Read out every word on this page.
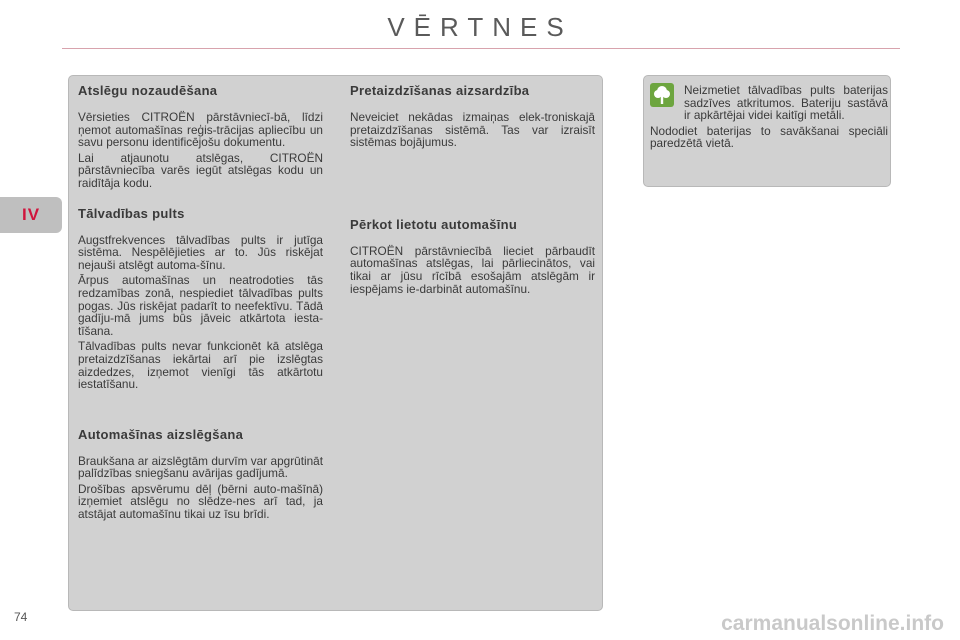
VĒRTNES
IV
Atslēgu nozaudēšana

Vērsieties CITROËN pārstāvniecī-bā, līdzi ņemot automašīnas reģis-trācijas apliecību un savu personu identificējošu dokumentu.

Lai atjaunotu atslēgas, CITROËN pārstāvniecība varēs iegūt atslēgas kodu un raidītāja kodu.

Tālvadības pults

Augstfrekvences tālvadības pults ir jutīga sistēma. Nespēlējieties ar to. Jūs riskējat nejauši atslēgt automa-šīnu.

Ārpus automašīnas un neatrodoties tās redzamības zonā, nespiediet tālvadības pults pogas. Jūs riskējat padarīt to neefektīvu. Tādā gadīju-mā jums būs jāveic atkārtota iesta-tīšana.

Tālvadības pults nevar funkcionēt kā atslēga pretaizdzīšanas iekārtai arī pie izslēgtas aizdedzes, izņemot vienīgi tās atkārtotu iestatīšanu.

Automašīnas aizslēgšana

Braukšana ar aizslēgtām durvīm var apgrūtināt palīdzības sniegšanu avārijas gadījumā.

Drošības apsvērumu dēļ (bērni auto-mašīnā) izņemiet atslēgu no slēdze-nes arī tad, ja atstājat automašīnu tikai uz īsu brīdi.

Pretaizdzīšanas aizsardzība

Neveiciet nekādas izmaiņas elek-troniskajā pretaizdzīšanas sistēmā. Tas var izraisīt sistēmas bojājumus.

Pērkot lietotu automašīnu

CITROËN pārstāvniecībā lieciet pārbaudīt automašīnas atslēgas, lai pārliecinātos, vai tikai ar jūsu rīcībā esošajām atslēgām ir iespējams ie-darbināt automašīnu.

Neizmetiet tālvadības pults baterijas sadzīves atkritumos. Bateriju sastāvā ir apkārtējai videi kaitīgi metāli.

Nododiet baterijas to savākšanai speciāli paredzētā vietā.

74	carmanualsonline.info
